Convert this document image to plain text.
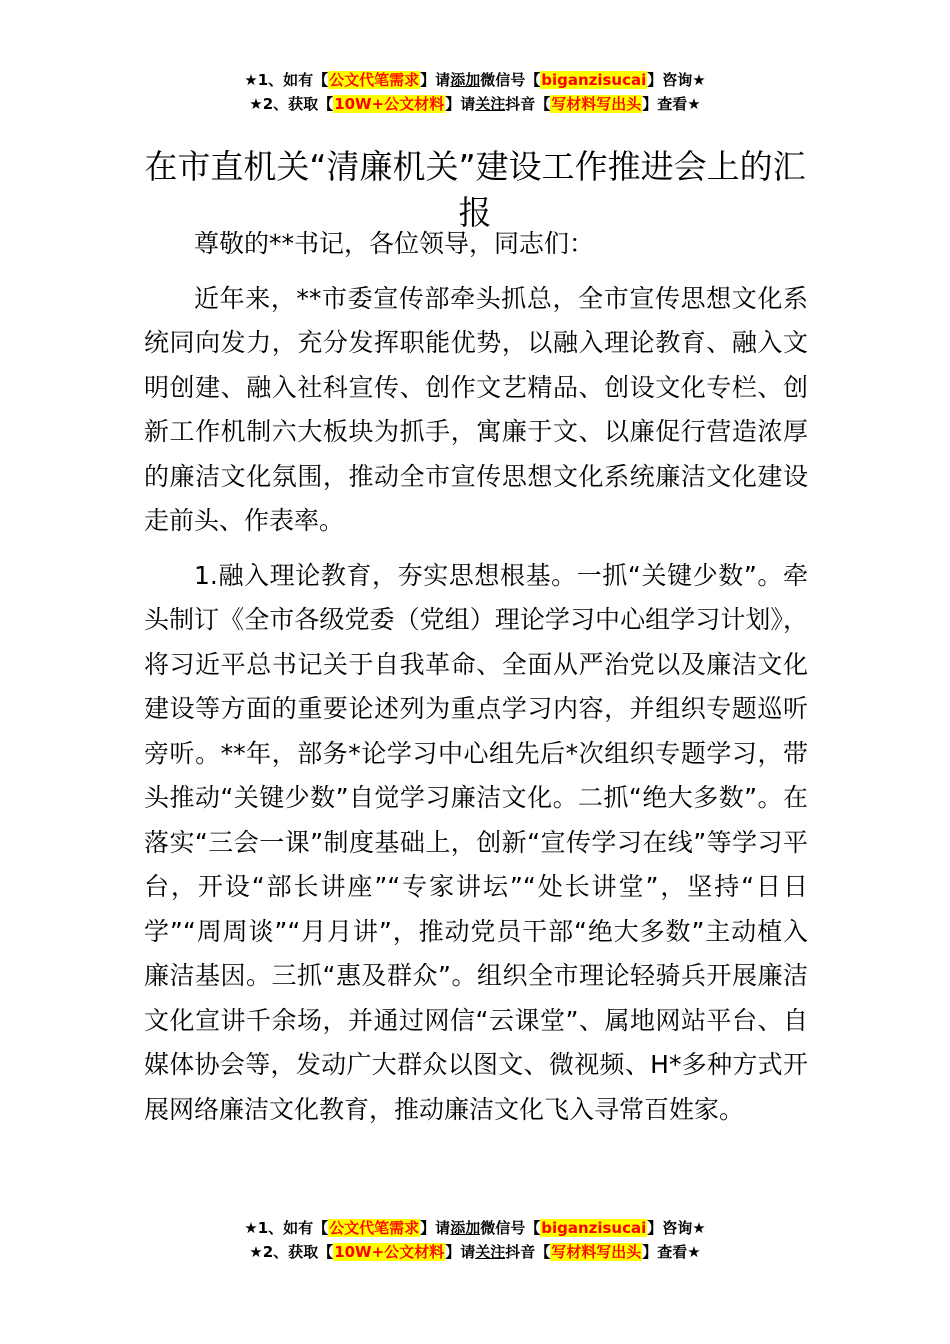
★1、如有【公文代笔需求】请添加微信号【biganzisucai】咨询★
★2、获取【10W+公文材料】请关注抖音【写材料写出头】查看★
在市直机关“清廉机关”建设工作推进会上的汇报

尊敬的**书记，各位领导，同志们：

近年来，**市委宣传部牵头抓总，全市宣传思想文化系统同向发力，充分发挥职能优势，以融入理论教育、融入文明创建、融入社科宣传、创作文艺精品、创设文化专栏、创新工作机制六大板块为抓手，寓廉于文、以廉促行营造浓厚的廉洁文化氛围，推动全市宣传思想文化系统廉洁文化建设走前头、作表率。

1.融入理论教育，夯实思想根基。一抓“关键少数”。牵头制订《全市各级党委（党组）理论学习中心组学习计划》，将习近平总书记关于自我革命、全面从严治党以及廉洁文化建设等方面的重要论述列为重点学习内容，并组织专题巡听旁听。**年，部务*论学习中心组先后*次组织专题学习，带头推动“关键少数”自觉学习廉洁文化。二抓“绝大多数”。在落实“三会一课”制度基础上，创新“宣传学习在线”等学习平台，开设“部长讲座”“专家讲坛”“处长讲堂”，坚持“日日学”“周周谈”“月月讲”，推动党员干部“绝大多数”主动植入廉洁基因。三抓“惠及群众”。组织全市理论轻骑兵开展廉洁文化宣讲千余场，并通过网信“云课堂”、属地网站平台、自媒体协会等，发动广大群众以图文、微视频、H*多种方式开展网络廉洁文化教育，推动廉洁文化飞入寻常百姓家。

★1、如有【公文代笔需求】请添加微信号【biganzisucai】咨询★
★2、获取【10W+公文材料】请关注抖音【写材料写出头】查看★
